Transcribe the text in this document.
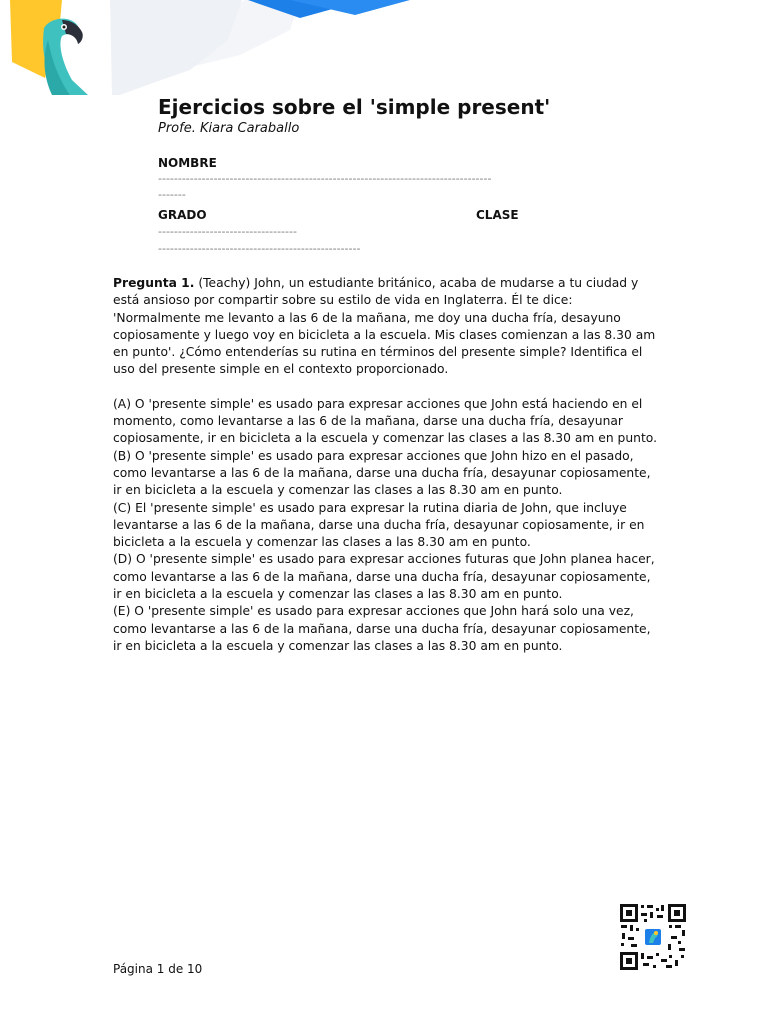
Ejercicios sobre el 'simple present'
Profe. Kiara Caraballo
NOMBRE
------------------------------------------------------------------------------------
-------
GRADO	CLASE
-----------------------------------
---------------------------------------------------

Pregunta 1. (Teachy) John, un estudiante británico, acaba de mudarse a tu ciudad y está ansioso por compartir sobre su estilo de vida en Inglaterra. Él te dice: 'Normalmente me levanto a las 6 de la mañana, me doy una ducha fría, desayuno copiosamente y luego voy en bicicleta a la escuela. Mis clases comienzan a las 8.30 am en punto'. ¿Cómo entenderías su rutina en términos del presente simple? Identifica el uso del presente simple en el contexto proporcionado.

(A) O 'presente simple' es usado para expresar acciones que John está haciendo en el momento, como levantarse a las 6 de la mañana, darse una ducha fría, desayunar copiosamente, ir en bicicleta a la escuela y comenzar las clases a las 8.30 am en punto.

(B) O 'presente simple' es usado para expresar acciones que John hizo en el pasado, como levantarse a las 6 de la mañana, darse una ducha fría, desayunar copiosamente, ir en bicicleta a la escuela y comenzar las clases a las 8.30 am en punto.

(C) El 'presente simple' es usado para expresar la rutina diaria de John, que incluye levantarse a las 6 de la mañana, darse una ducha fría, desayunar copiosamente, ir en bicicleta a la escuela y comenzar las clases a las 8.30 am en punto.

(D) O 'presente simple' es usado para expresar acciones futuras que John planea hacer, como levantarse a las 6 de la mañana, darse una ducha fría, desayunar copiosamente, ir en bicicleta a la escuela y comenzar las clases a las 8.30 am en punto.

(E) O 'presente simple' es usado para expresar acciones que John hará solo una vez, como levantarse a las 6 de la mañana, darse una ducha fría, desayunar copiosamente, ir en bicicleta a la escuela y comenzar las clases a las 8.30 am en punto.

Página 1 de 10
